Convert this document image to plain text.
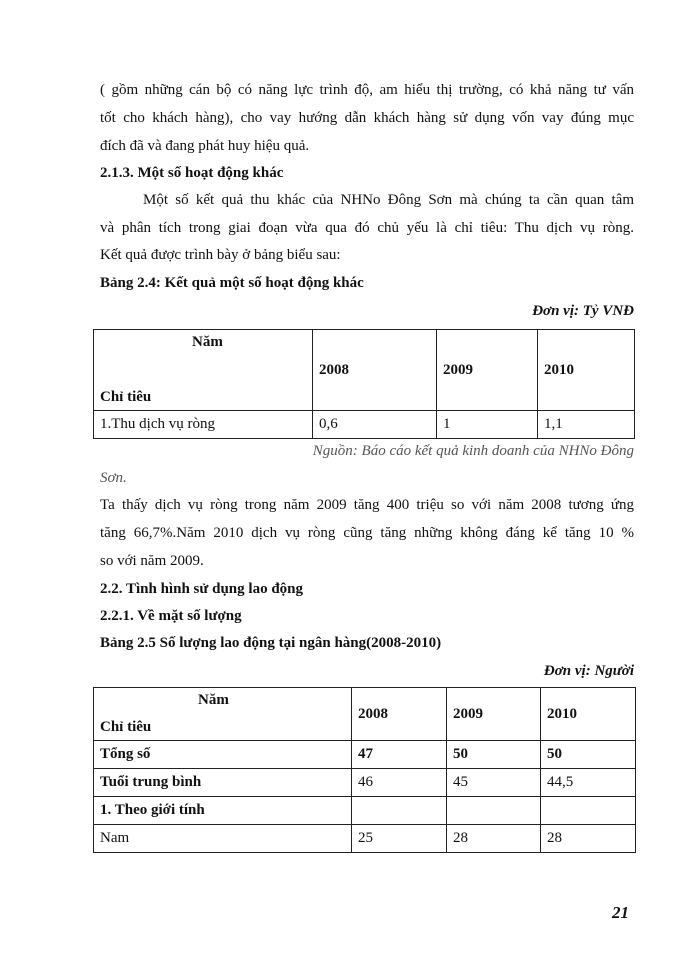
( gồm những cán bộ có năng lực trình độ, am hiểu thị trường, có khả năng tư vấn
tốt cho khách hàng), cho vay hướng dẫn khách hàng sử dụng vốn vay đúng mục
đích đã và đang phát huy hiệu quả.
2.1.3. Một số hoạt động khác
Một số kết quả thu khác của NHNo Đông Sơn mà chúng ta cần quan tâm
và phân tích trong giai đoạn vừa qua đó chủ yếu là chỉ tiêu: Thu dịch vụ ròng.
Kết quả được trình bày ở bảng biểu sau:
Bảng 2.4: Kết quả một số hoạt động khác
Đơn vị: Tỷ VNĐ
Năm
Chỉ tiêu	2008	2009	2010
1.Thu dịch vụ ròng	0,6	1	1,1
Nguồn: Báo cáo kết quả kinh doanh của NHNo Đông
Sơn.
Ta thấy dịch vụ ròng trong năm 2009 tăng 400 triệu so với năm 2008 tương ứng
tăng 66,7%.Năm 2010 dịch vụ ròng cũng tăng những không đáng kể tăng 10 %
so với năm 2009.
2.2. Tình hình sử dụng lao động
2.2.1. Về mặt số lượng
Bảng 2.5 Số lượng lao động tại ngân hàng(2008-2010)
Đơn vị: Người
Năm
Chỉ tiêu	2008	2009	2010
Tổng số	47	50	50
Tuổi trung bình	46	45	44,5
1. Theo giới tính			
Nam	25	28	28
21
